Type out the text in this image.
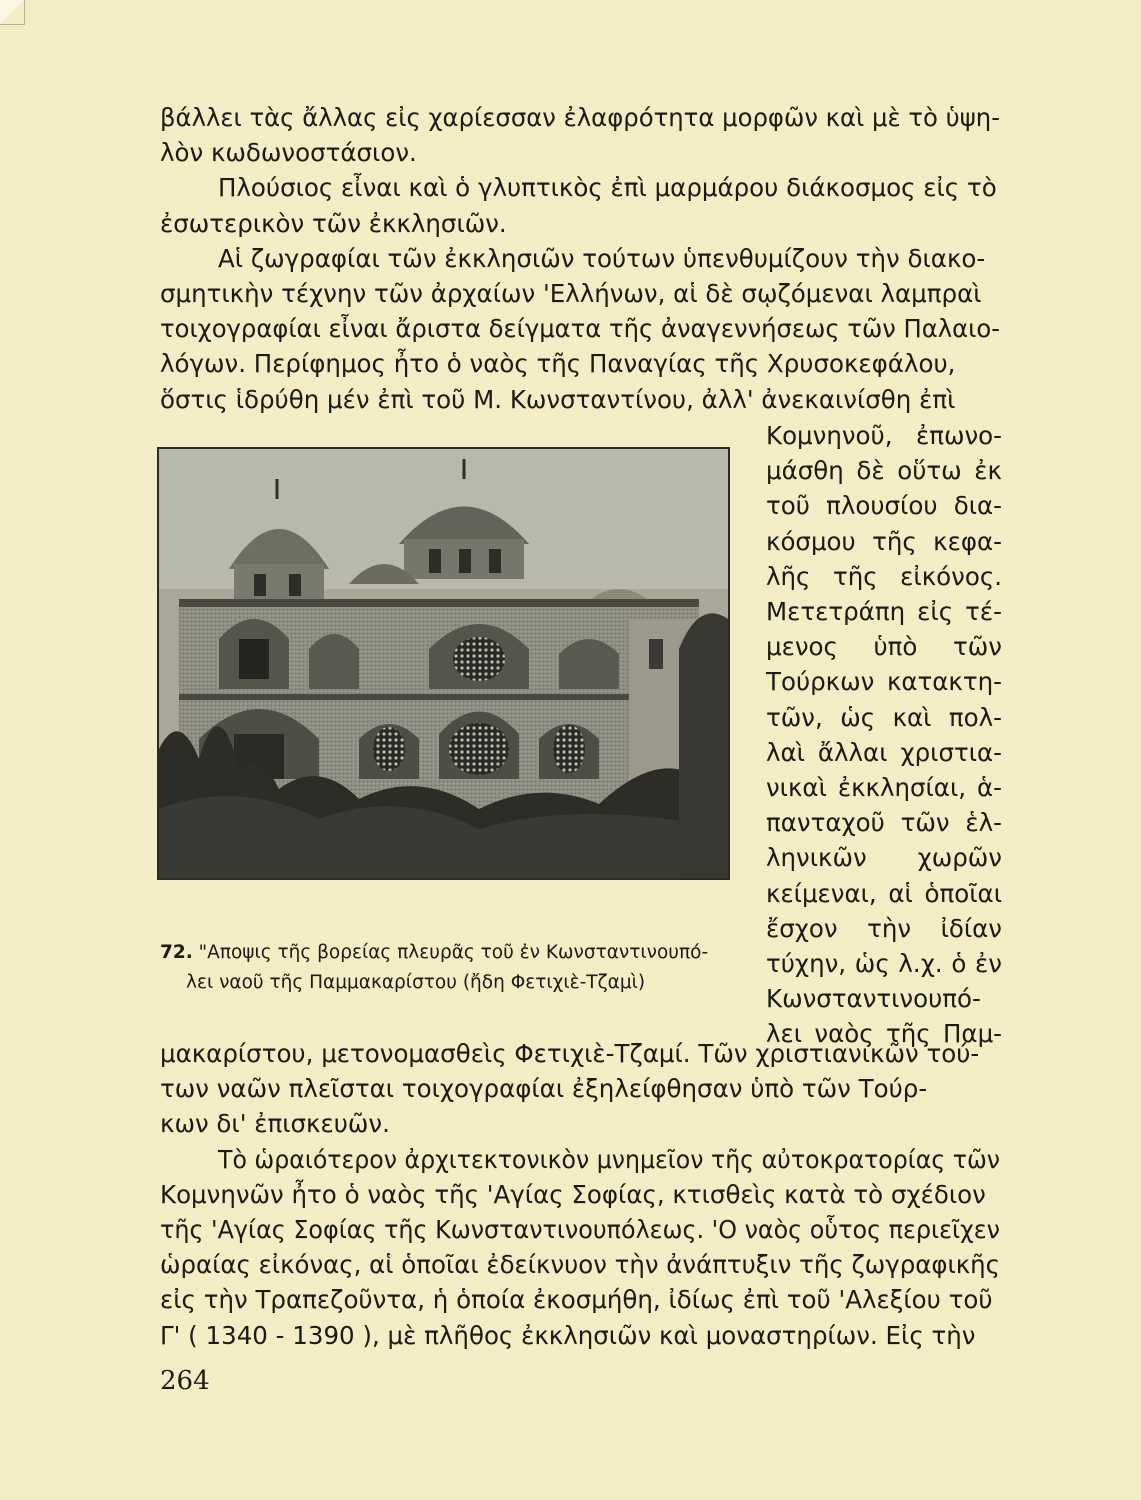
βάλλει τὰς ἄλλας εἰς χαρίεσσαν ἐλαφρότητα μορφῶν καὶ μὲ τὸ ὑψη-
λὸν κωδωνοστάσιον.

Πλούσιος εἶναι καὶ ὁ γλυπτικὸς ἐπὶ μαρμάρου διάκοσμος εἰς τὸ
ἐσωτερικὸν τῶν ἐκκλησιῶν.

Αἱ ζωγραφίαι τῶν ἐκκλησιῶν τούτων ὑπενθυμίζουν τὴν διακο-
σμητικὴν τέχνην τῶν ἀρχαίων 'Ελλήνων, αἱ δὲ σῳζόμεναι λαμπραὶ
τοιχογραφίαι εἶναι ἄριστα δείγματα τῆς ἀναγεννήσεως τῶν Παλαιο-
λόγων. Περίφημος ἦτο ὁ ναὸς τῆς Παναγίας τῆς Χρυσοκεφάλου,
ὅστις ἱδρύθη μέν ἐπὶ τοῦ Μ. Κωνσταντίνου, ἀλλ' ἀνεκαινίσθη ἐπὶ

Κομνηνοῦ, ἐπωνο-
μάσθη δὲ οὕτω ἐκ
τοῦ πλουσίου δια-
κόσμου τῆς κεφα-
λῆς τῆς εἰκόνος.
Μετετράπη εἰς τέ-
μενος ὑπὸ τῶν
Τούρκων κατακτη-
τῶν, ὡς καὶ πολ-
λαὶ ἄλλαι χριστια-
νικαὶ ἐκκλησίαι, ἁ-
πανταχοῦ τῶν ἑλ-
ληνικῶν χωρῶν
κείμεναι, αἱ ὁποῖαι
ἔσχον τὴν ἰδίαν
τύχην, ὡς λ.χ. ὁ ἐν
Κωνσταντινουπό-
λει ναὸς τῆς Παμ-
72. "Αποψις τῆς βορείας πλευρᾶς τοῦ ἐν Κωνσταντινουπό-
λει ναοῦ τῆς Παμμακαρίστου (ἤδη Φετιχιὲ-Τζαμὶ)

μακαρίστου, μετονομασθεὶς Φετιχιὲ-Τζαμί. Τῶν χριστιανικῶν τού-
των ναῶν πλεῖσται τοιχογραφίαι ἐξηλείφθησαν ὑπὸ τῶν Τούρ-
κων δι' ἐπισκευῶν.

Τὸ ὡραιότερον ἀρχιτεκτονικὸν μνημεῖον τῆς αὐτοκρατορίας τῶν
Κομνηνῶν ἦτο ὁ ναὸς τῆς 'Αγίας Σοφίας, κτισθεὶς κατὰ τὸ σχέδιον
τῆς 'Αγίας Σοφίας τῆς Κωνσταντινουπόλεως. 'Ο ναὸς οὗτος περιεῖχεν
ὡραίας εἰκόνας, αἱ ὁποῖαι ἐδείκνυον τὴν ἀνάπτυξιν τῆς ζωγραφικῆς
εἰς τὴν Τραπεζοῦντα, ἡ ὁποία ἐκοσμήθη, ἰδίως ἐπὶ τοῦ 'Αλεξίου τοῦ
Γ' ( 1340 - 1390 ), μὲ πλῆθος ἐκκλησιῶν καὶ μοναστηρίων. Εἰς τὴν

264
